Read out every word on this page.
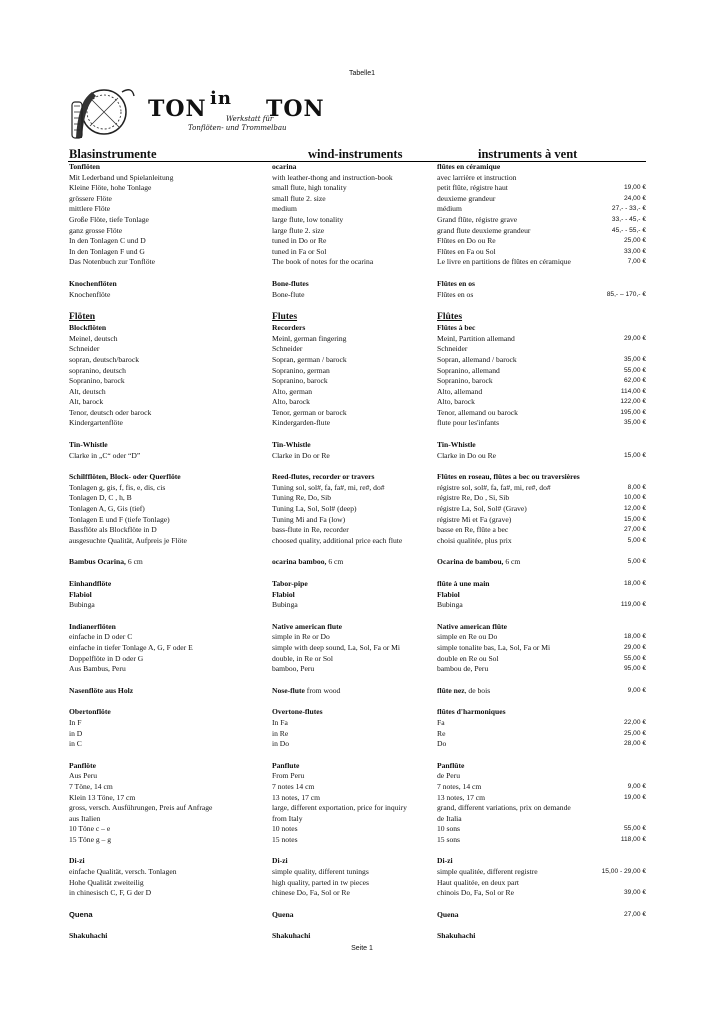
Tabelle1
TON in TON
Werkstatt für
Tonflöten- und Trommelbau
Blasinstrumente	wind-instruments	instruments à vent
Tonflöten	ocarina	flûtes en céramique
Mit Lederband und Spielanleitung	with leather-thong and instruction-book	avec larrière et instruction
Kleine Flöte, hohe Tonlage	small flute, high tonality	petit flûte, régistre haut	19,00 €
grössere Flöte	small flute 2. size	deuxieme grandeur	24,00 €
mittlere Flöte	medium	médium	27,- - 33,- €
Große Flöte, tiefe Tonlage	large flute, low tonality	Grand flûte, régistre grave	33,- - 45,- €
ganz grosse Flöte	large flute 2. size	grand flute deuxieme grandeur	45,- - 55,- €
In den Tonlagen C und D	tuned in Do or Re	Flûtes en Do ou Re	25,00 €
In den Tonlagen F und G	tuned in Fa or Sol	Flûtes en Fa ou Sol	33,00 €
Das Notenbuch zur Tonflöte	The book of notes for the ocarina	Le livre en partitions de flûtes en céramique	7,00 €
Knochenflöten	Bone-flutes	Flûtes en os
Knochenflöte	Bone-flute	Flûtes en os	85,- – 170,- €
Flöten	Flutes	Flûtes
Blockflöten	Recorders	Flûtes à bec
Meinel, deutsch	Meinl, german fingering	Meinl, Partition allemand	29,00 €
Schneider	Schneider	Schneider
sopran, deutsch/barock	Sopran, german / barock	Sopran, allemand / barock	35,00 €
sopranino, deutsch	Sopranino, german	Sopranino, allemand	55,00 €
Sopranino, barock	Sopranino, barock	Sopranino, barock	62,00 €
Alt, deutsch	Alto, german	Alto, allemand	114,00 €
Alt, barock	Alto, barock	Alto, barock	122,00 €
Tenor, deutsch oder barock	Tenor, german or barock	Tenor, allemand ou barock	195,00 €
Kindergartenflöte	Kindergarden-flute	flute pour les'infants	35,00 €
Tin-Whistle	Tin-Whistle	Tin-Whistle
Clarke in „C“ oder “D”	Clarke in Do or Re	Clarke in Do ou Re	15,00 €
Schilfflöten, Block- oder Querflöte	Reed-flutes, recorder or travers	Flûtes en roseau, flûtes a bec ou traversières
Tonlagen g, gis, f, fis, e, dis, cis	Tuning sol, sol#, fa, fa#, mi, re#, do#	régistre sol, sol#, fa, fa#, mi, re#, do#	8,00 €
Tonlagen D, C , h, B	Tuning Re, Do, Sib	régistre Re, Do , Si, Sib	10,00 €
Tonlagen A, G, Gis (tief)	Tuning La, Sol, Sol# (deep)	régistre La, Sol, Sol# (Grave)	12,00 €
Tonlagen E und F (tiefe Tonlage)	Tuning Mi and Fa (low)	régistre Mi et Fa (grave)	15,00 €
Bassflöte als Blockflöte in D	bass-flute in Re, recorder	basse en Re, flûte a bec	27,00 €
ausgesuchte Qualität, Aufpreis je Flöte	choosed quality, additional price each flute	choisi qualitée, plus prix	5,00 €
Bambus Ocarina, 6 cm	ocarina bamboo, 6 cm	Ocarina de bambou, 6 cm	5,00 €
Einhandflöte	Tabor-pipe	flûte à une main	18,00 €
Flabiol	Flabiol	Flabiol
Bubinga	Bubinga	Bubinga	119,00 €
Indianerflöten	Native american flute	Native american flûte
einfache in D oder C	simple in Re or Do	simple en Re ou Do	18,00 €
einfache in tiefer Tonlage A, G, F oder E	simple with deep sound, La, Sol, Fa or Mi	simple tonalite bas, La, Sol, Fa or Mi	29,00 €
Doppelflöte in D oder G	double, in Re or Sol	double en Re ou Sol	55,00 €
Aus Bambus, Peru	bamboo, Peru	bambou de, Peru	95,00 €
Nasenflöte aus Holz	Nose-flute from wood	flûte nez, de bois	9,00 €
Obertonflöte	Overtone-flutes	flûtes d'harmoniques
In F	In Fa	Fa	22,00 €
in D	in Re	Re	25,00 €
in C	in Do	Do	28,00 €
Panflöte	Panflute	Panflûte
Aus Peru	From Peru	de Peru
7 Töne, 14 cm	7 notes 14 cm	7 notes, 14 cm	9,00 €
Klein 13 Töne, 17 cm	13 notes, 17 cm	13 notes, 17 cm	19,00 €
gross, versch. Ausführungen, Preis auf Anfrage	large, different exportation, price for inquiry	grand, different variations, prix on demande
aus Italien	from Italy	de Italia
10 Töne c – e	10 notes	10 sons	55,00 €
15 Töne g – g	15 notes	15 sons	118,00 €
Di-zi	Di-zi	Di-zi
einfache Qualität, versch. Tonlagen	simple quality, different tunings	simple qualitée, different registre	15,00 - 29,00 €
Hohe Qualität zweiteilig	high quality, parted in tw pieces	Haut qualitée, en deux part
in chinesisch C, F, G der D	chinese Do, Fa, Sol or Re	chinois Do, Fa, Sol or Re	39,00 €
Quena	Quena	Quena	27,00 €
Shakuhachi	Shakuhachi	Shakuhachi
Seite 1
